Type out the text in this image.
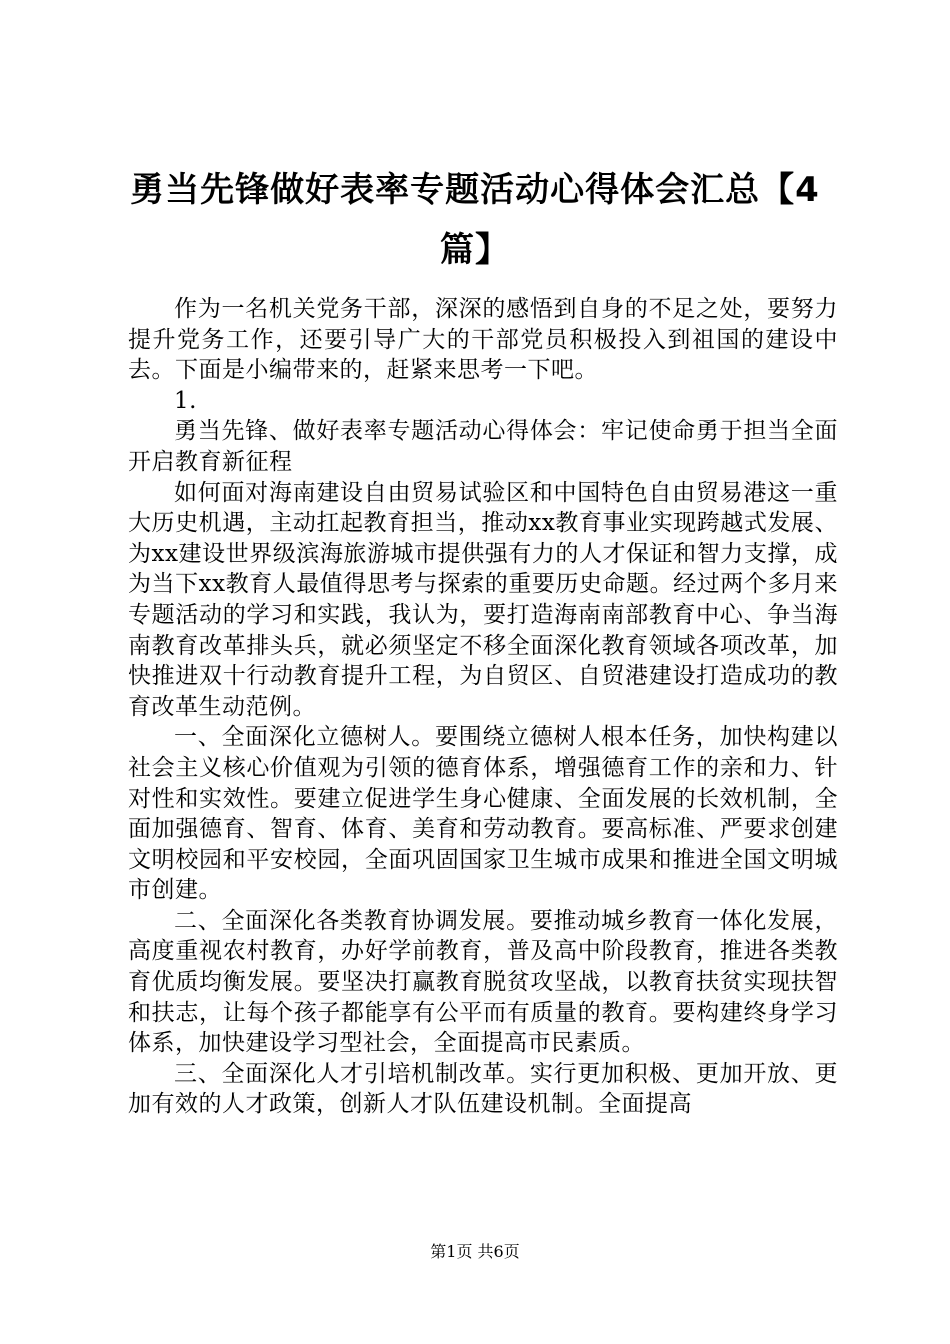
勇当先锋做好表率专题活动心得体会汇总【4篇】

作为一名机关党务干部，深深的感悟到自身的不足之处，要努力提升党务工作，还要引导广大的干部党员积极投入到祖国的建设中去。下面是小编带来的，赶紧来思考一下吧。

1.

勇当先锋、做好表率专题活动心得体会：牢记使命勇于担当全面开启教育新征程

如何面对海南建设自由贸易试验区和中国特色自由贸易港这一重大历史机遇，主动扛起教育担当，推动xx教育事业实现跨越式发展、为xx建设世界级滨海旅游城市提供强有力的人才保证和智力支撑，成为当下xx教育人最值得思考与探索的重要历史命题。经过两个多月来专题活动的学习和实践，我认为，要打造海南南部教育中心、争当海南教育改革排头兵，就必须坚定不移全面深化教育领域各项改革，加快推进双十行动教育提升工程，为自贸区、自贸港建设打造成功的教育改革生动范例。

一、全面深化立德树人。要围绕立德树人根本任务，加快构建以社会主义核心价值观为引领的德育体系，增强德育工作的亲和力、针对性和实效性。要建立促进学生身心健康、全面发展的长效机制，全面加强德育、智育、体育、美育和劳动教育。要高标准、严要求创建文明校园和平安校园，全面巩固国家卫生城市成果和推进全国文明城市创建。

二、全面深化各类教育协调发展。要推动城乡教育一体化发展，高度重视农村教育，办好学前教育，普及高中阶段教育，推进各类教育优质均衡发展。要坚决打赢教育脱贫攻坚战，以教育扶贫实现扶智和扶志，让每个孩子都能享有公平而有质量的教育。要构建终身学习体系，加快建设学习型社会，全面提高市民素质。

三、全面深化人才引培机制改革。实行更加积极、更加开放、更加有效的人才政策，创新人才队伍建设机制。全面提高

第1页 共6页
